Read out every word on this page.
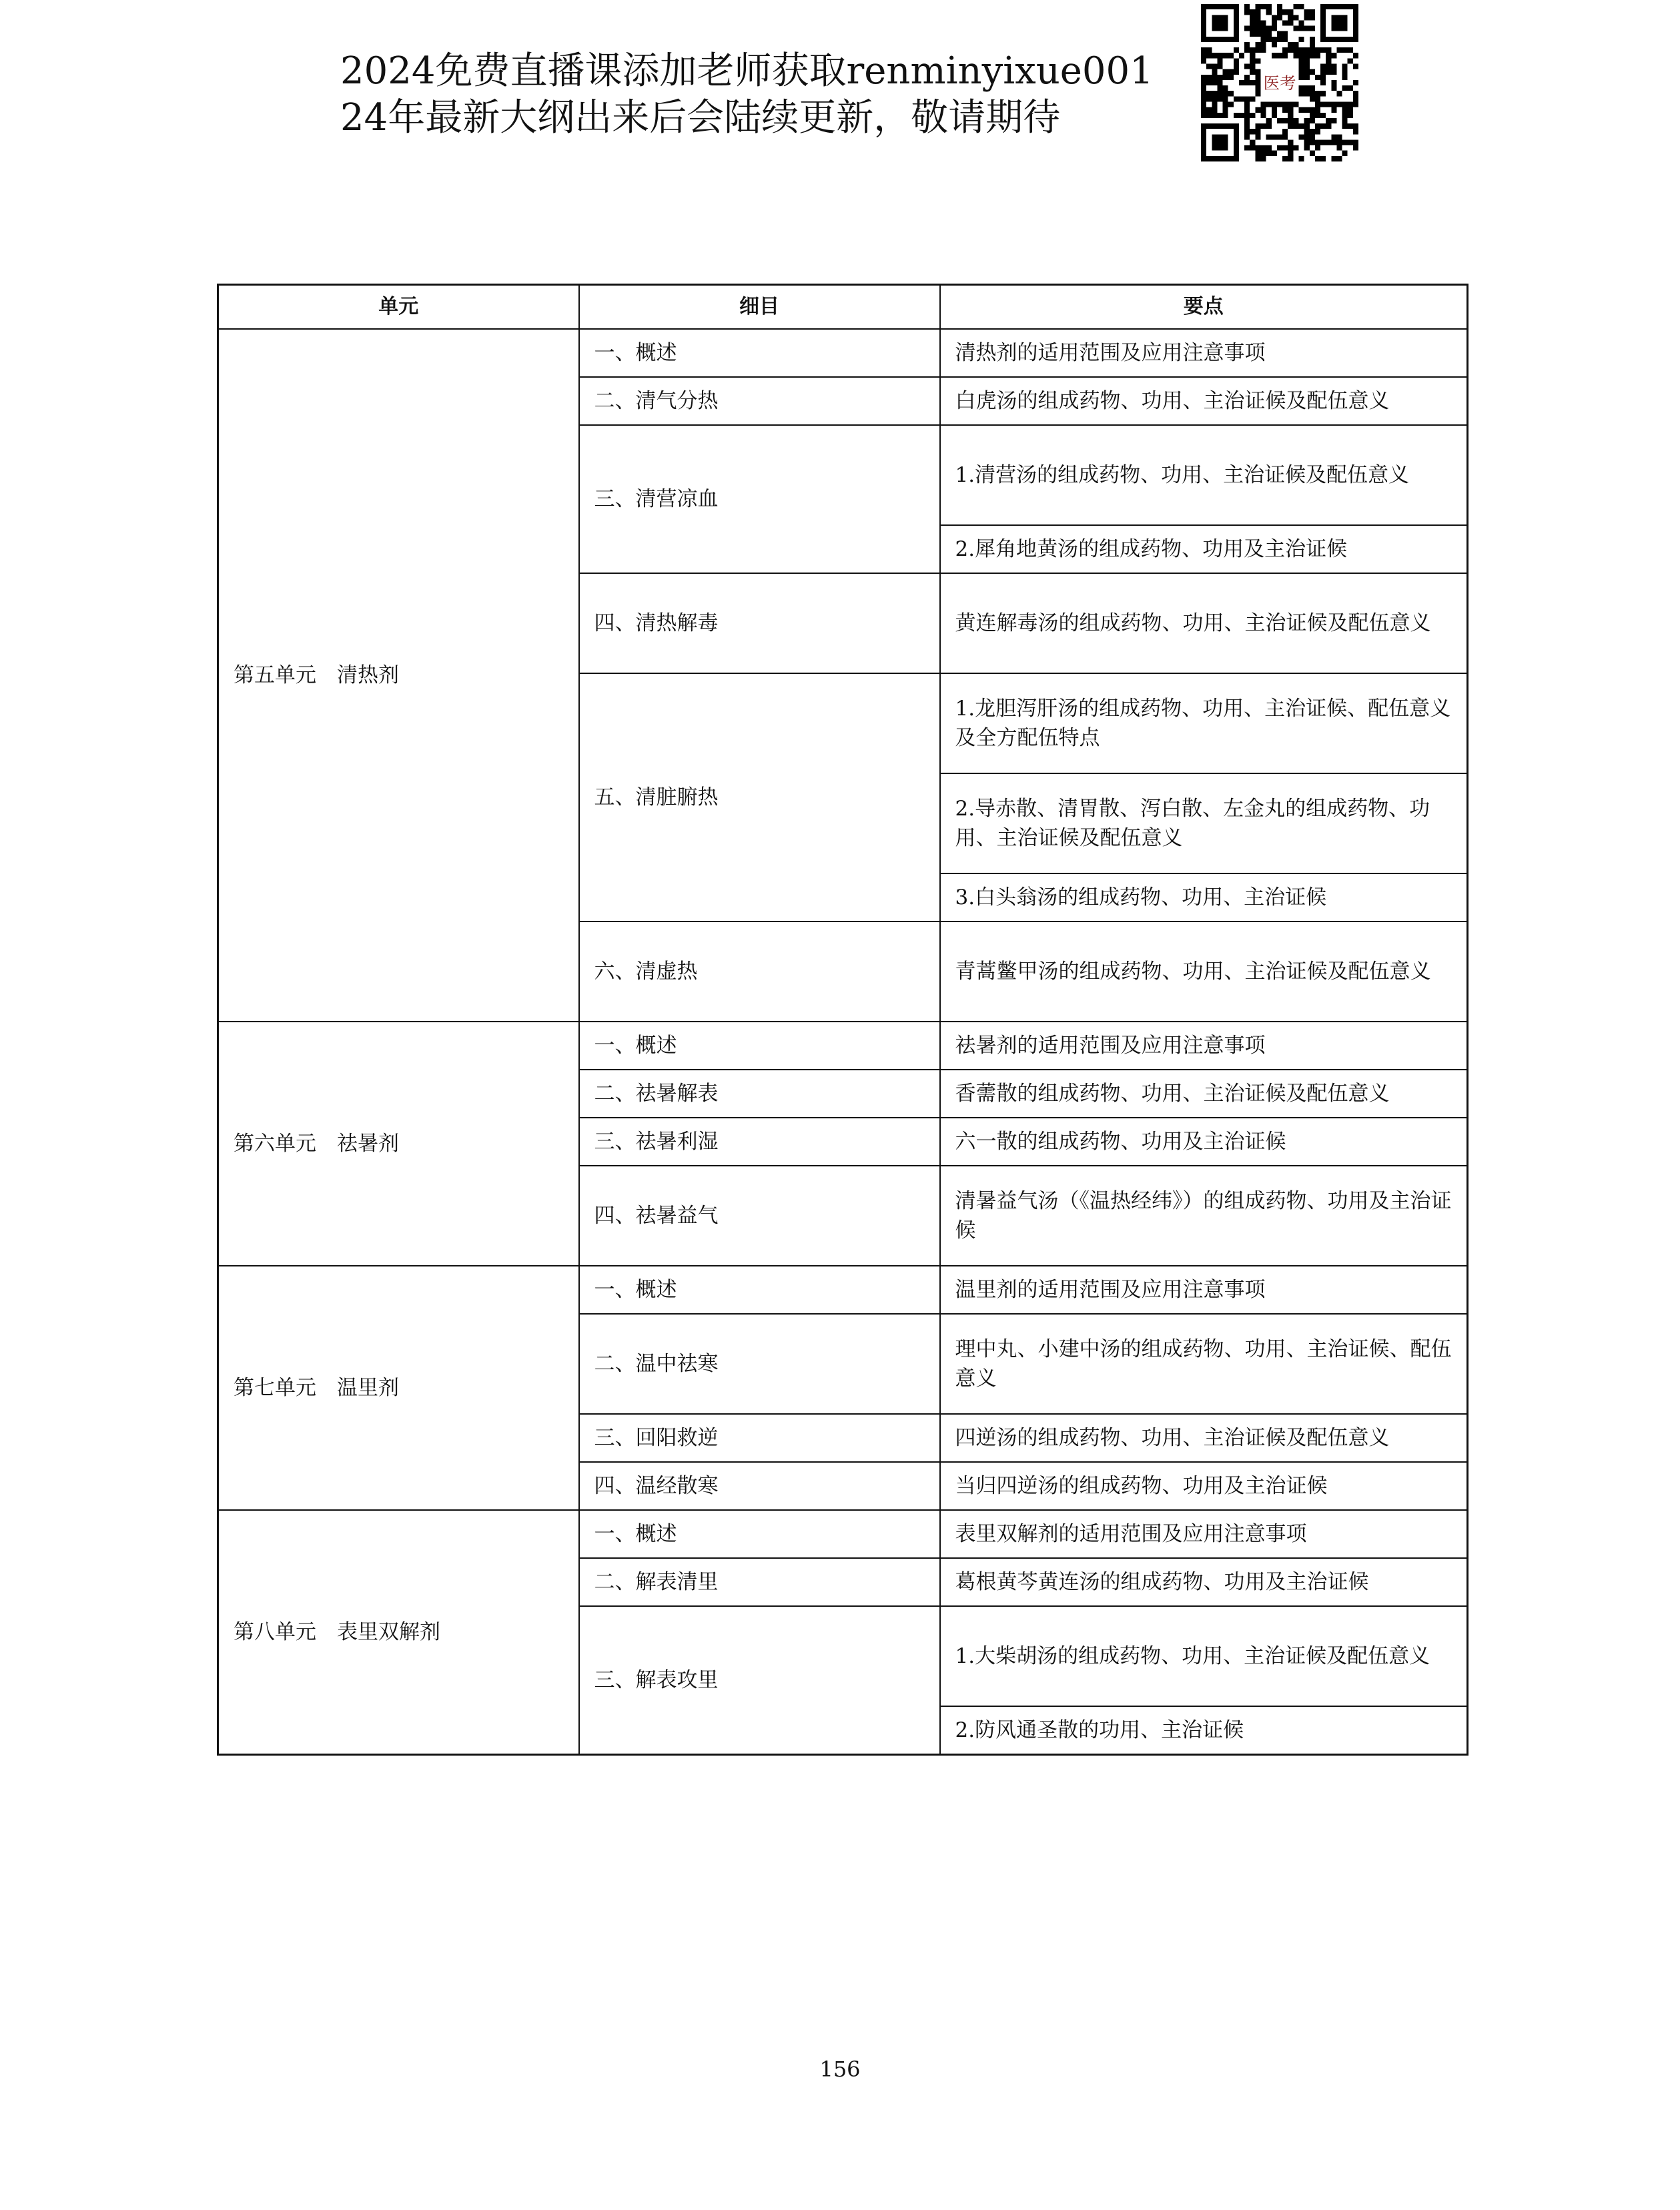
2024免费直播课添加老师获取renminyixue001
24年最新大纲出来后会陆续更新，敬请期待
医考
单元	细目	要点
第五单元　清热剂	一、概述	清热剂的适用范围及应用注意事项
	二、清气分热	白虎汤的组成药物、功用、主治证候及配伍意义
	三、清营凉血	1.清营汤的组成药物、功用、主治证候及配伍意义
		2.犀角地黄汤的组成药物、功用及主治证候
	四、清热解毒	黄连解毒汤的组成药物、功用、主治证候及配伍意义
	五、清脏腑热	1.龙胆泻肝汤的组成药物、功用、主治证候、配伍意义及全方配伍特点
		2.导赤散、清胃散、泻白散、左金丸的组成药物、功用、主治证候及配伍意义
		3.白头翁汤的组成药物、功用、主治证候
	六、清虚热	青蒿鳖甲汤的组成药物、功用、主治证候及配伍意义
第六单元　祛暑剂	一、概述	祛暑剂的适用范围及应用注意事项
	二、祛暑解表	香薷散的组成药物、功用、主治证候及配伍意义
	三、祛暑利湿	六一散的组成药物、功用及主治证候
	四、祛暑益气	清暑益气汤（《温热经纬》）的组成药物、功用及主治证候
第七单元　温里剂	一、概述	温里剂的适用范围及应用注意事项
	二、温中祛寒	理中丸、小建中汤的组成药物、功用、主治证候、配伍意义
	三、回阳救逆	四逆汤的组成药物、功用、主治证候及配伍意义
	四、温经散寒	当归四逆汤的组成药物、功用及主治证候
第八单元　表里双解剂	一、概述	表里双解剂的适用范围及应用注意事项
	二、解表清里	葛根黄芩黄连汤的组成药物、功用及主治证候
	三、解表攻里	1.大柴胡汤的组成药物、功用、主治证候及配伍意义
		2.防风通圣散的功用、主治证候
156
